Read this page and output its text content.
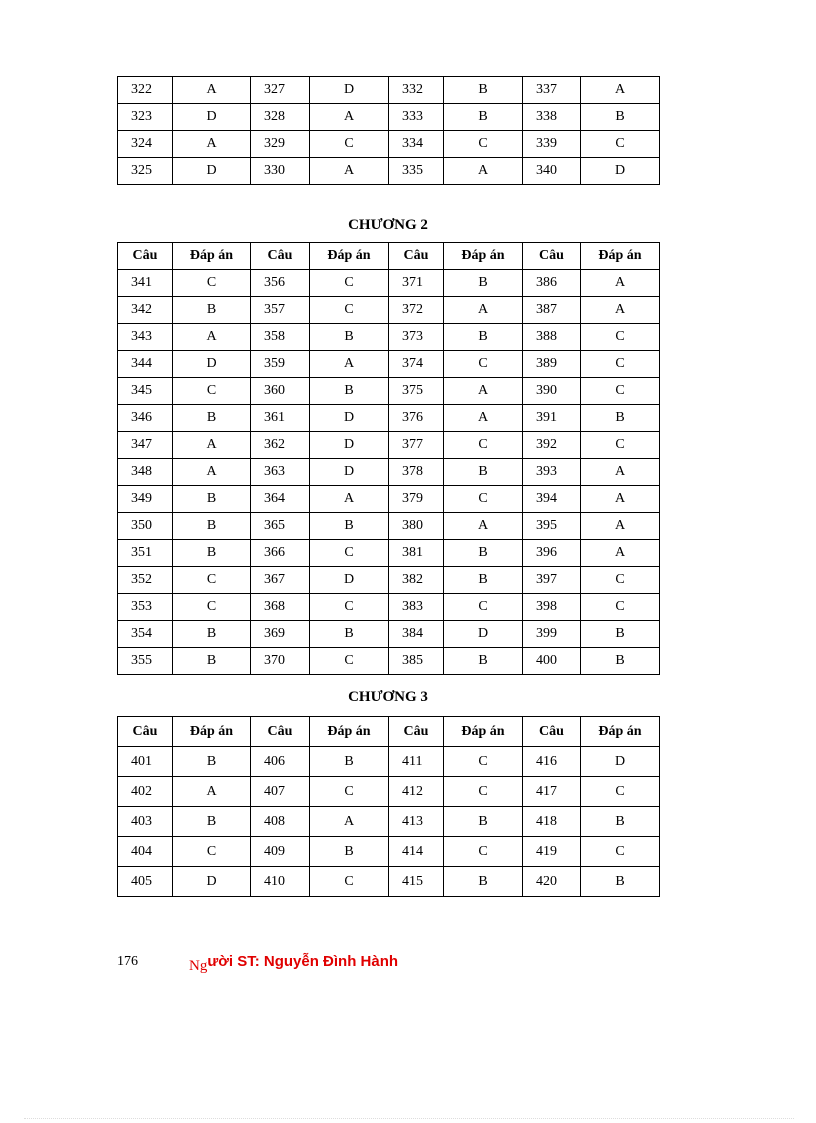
322	A	327	D	332	B	337	A
323	D	328	A	333	B	338	B
324	A	329	C	334	C	339	C
325	D	330	A	335	A	340	D
CHƯƠNG 2
Câu	Đáp án	Câu	Đáp án	Câu	Đáp án	Câu	Đáp án
341	C	356	C	371	B	386	A
342	B	357	C	372	A	387	A
343	A	358	B	373	B	388	C
344	D	359	A	374	C	389	C
345	C	360	B	375	A	390	C
346	B	361	D	376	A	391	B
347	A	362	D	377	C	392	C
348	A	363	D	378	B	393	A
349	B	364	A	379	C	394	A
350	B	365	B	380	A	395	A
351	B	366	C	381	B	396	A
352	C	367	D	382	B	397	C
353	C	368	C	383	C	398	C
354	B	369	B	384	D	399	B
355	B	370	C	385	B	400	B
CHƯƠNG 3
Câu	Đáp án	Câu	Đáp án	Câu	Đáp án	Câu	Đáp án
401	B	406	B	411	C	416	D
402	A	407	C	412	C	417	C
403	B	408	A	413	B	418	B
404	C	409	B	414	C	419	C
405	D	410	C	415	B	420	B
176	Người ST: Nguyễn Đình Hành
